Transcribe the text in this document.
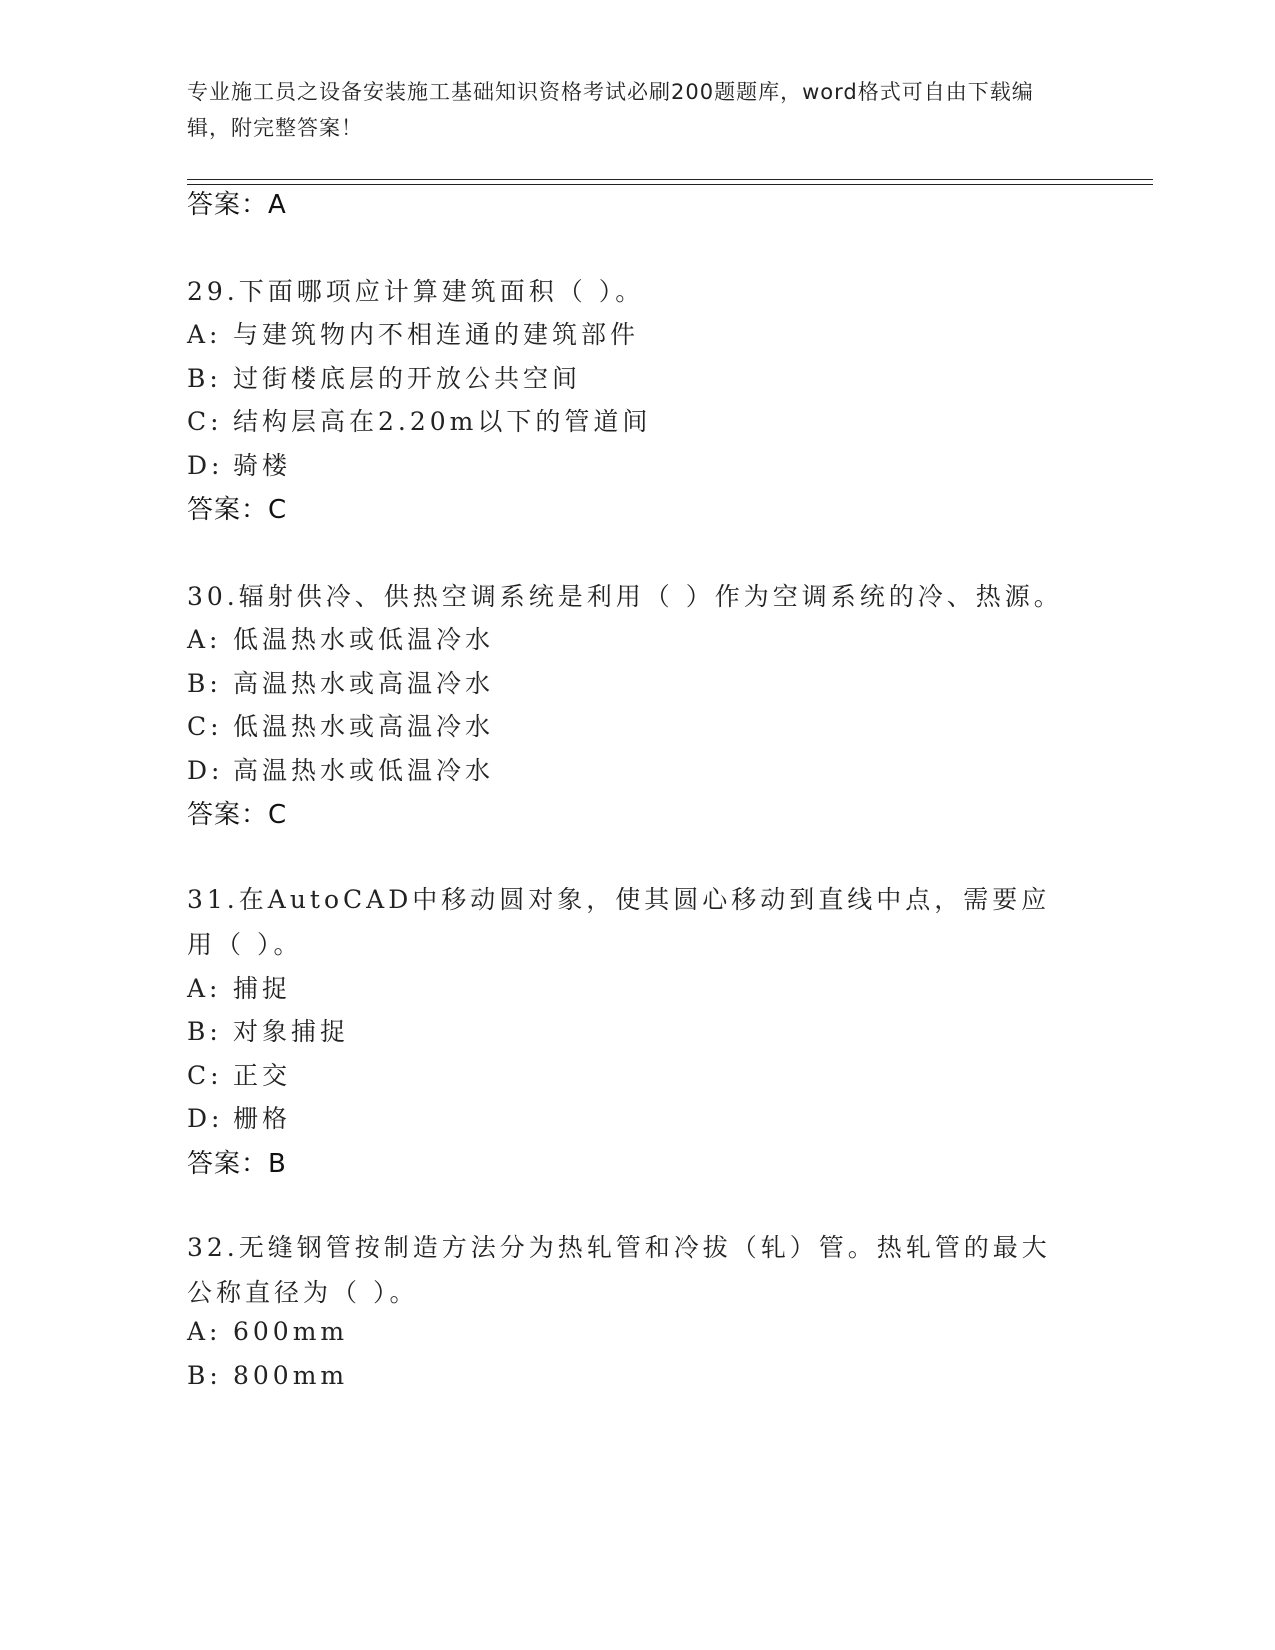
专业施工员之设备安装施工基础知识资格考试必刷200题题库，word格式可自由下载编辑，附完整答案！
答案：A
29.下面哪项应计算建筑面积（ ）。
A: 与建筑物内不相连通的建筑部件
B: 过街楼底层的开放公共空间
C: 结构层高在2.20m以下的管道间
D: 骑楼
答案：C
30.辐射供冷、供热空调系统是利用（ ）作为空调系统的冷、热源。
A: 低温热水或低温冷水
B: 高温热水或高温冷水
C: 低温热水或高温冷水
D: 高温热水或低温冷水
答案：C
31.在AutoCAD中移动圆对象，使其圆心移动到直线中点，需要应用（ ）。
A: 捕捉
B: 对象捕捉
C: 正交
D: 栅格
答案：B
32.无缝钢管按制造方法分为热轧管和冷拔（轧）管。热轧管的最大公称直径为（ ）。
A: 600mm
B: 800mm
